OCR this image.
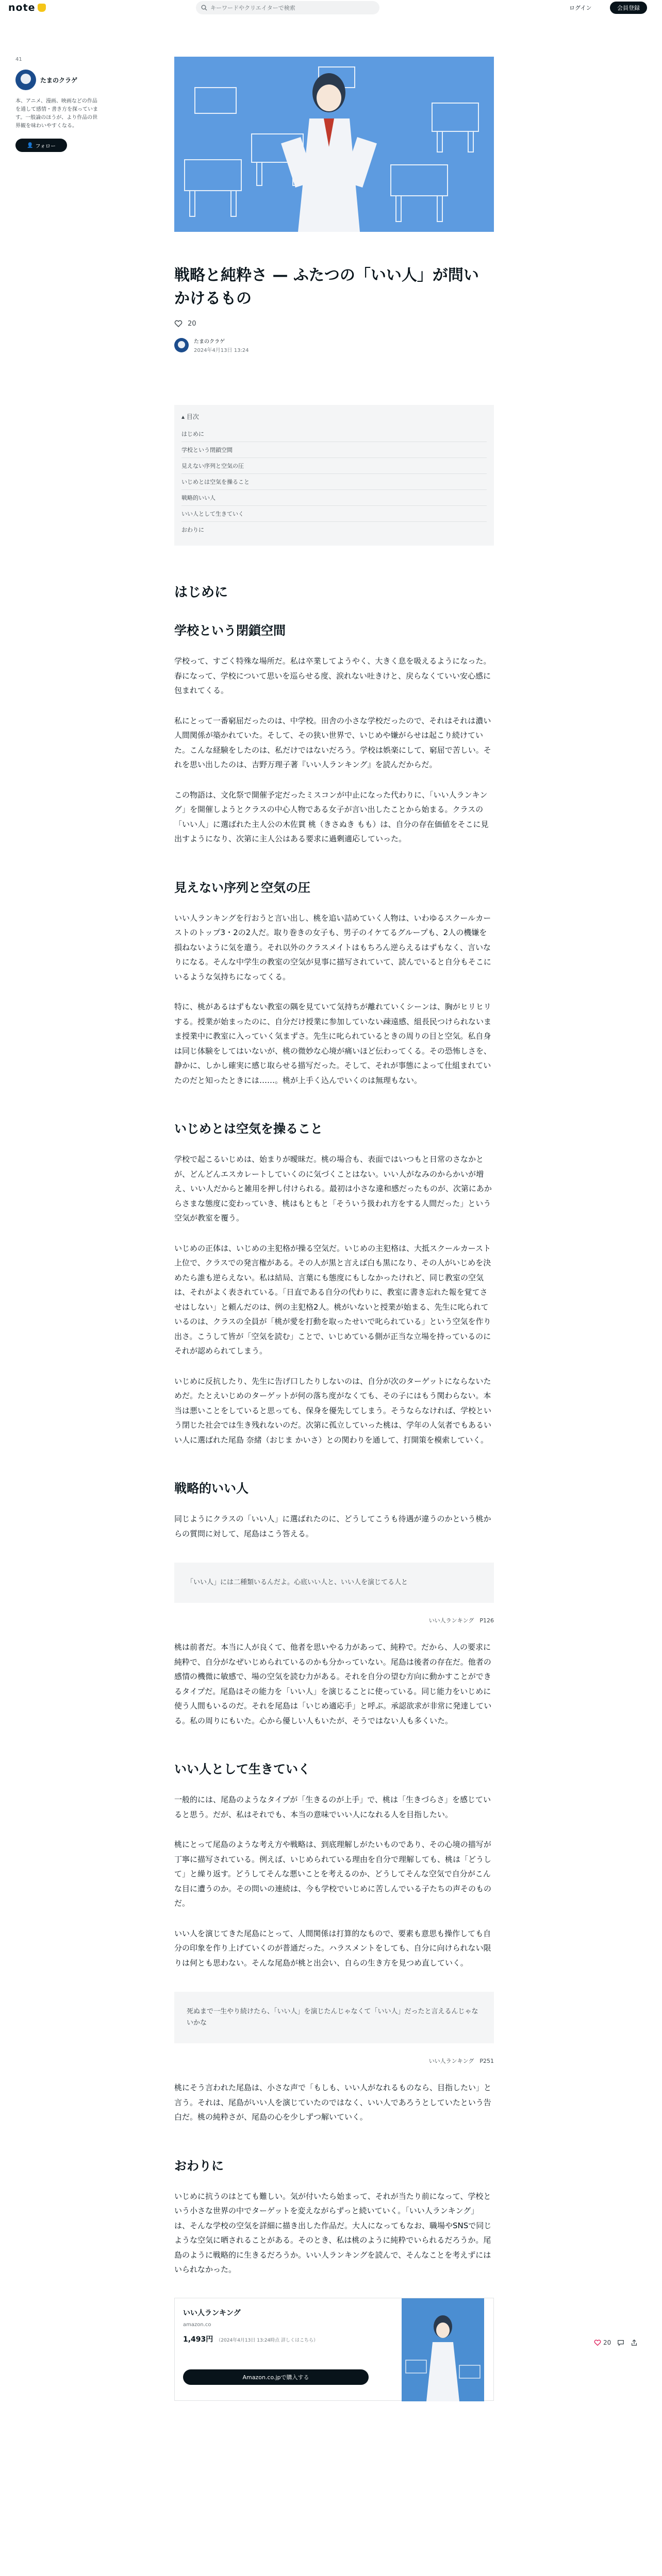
note	キーワードやクリエイターで検索	ログイン	会員登録
41
たまのクラゲ
本、アニメ、漫画、映画などの作品を通して感情・書き方を探っています。一般論のほうが、より作品の世界観を味わいやすくなる。
👤 フォロー
戦略と純粋さ — ふたつの「いい人」が問いかけるもの
20
たまのクラゲ
2024年4月13日 13:24
▴ 目次
はじめに
学校という閉鎖空間
見えない序列と空気の圧
いじめとは空気を操ること
戦略的いい人
いい人として生きていく
おわりに
はじめに
学校という閉鎖空間

学校って、すごく特殊な場所だ。私は卒業してようやく、大きく息を吸えるようになった。春になって、学校について思いを巡らせる度、涙れない吐きけと、戻らなくていい安心感に包まれてくる。

私にとって一番窮屈だったのは、中学校。田舎の小さな学校だったので、それはそれは濃い人間関係が築かれていた。そして、その狭い世界で、いじめや嫌がらせは起こり続けていた。こんな経験をしたのは、私だけではないだろう。学校は娯楽にして、窮屈で苦しい。それを思い出したのは、吉野万理子著『いい人ランキング』を読んだからだ。

この物語は、文化祭で開催予定だったミスコンが中止になった代わりに、「いい人ランキング」を開催しようとクラスの中心人物である女子が言い出したことから始まる。クラスの「いい人」に選ばれた主人公の木佐貫 桃（きさぬき もも）は、自分の存在価値をそこに見出すようになり、次第に主人公はある要求に過剰適応していった。

見えない序列と空気の圧

いい人ランキングを行おうと言い出し、桃を追い詰めていく人物は、いわゆるスクールカーストのトップ3・2の2人だ。取り巻きの女子も、男子のイケてるグループも、2人の機嫌を損ねないように気を遣う。それ以外のクラスメイトはもちろん逆らえるはずもなく、言いなりになる。そんな中学生の教室の空気が見事に描写されていて、読んでいると自分もそこにいるような気持ちになってくる。

特に、桃があるはずもない教室の隅を見ていて気持ちが離れていくシーンは、胸がヒリヒリする。授業が始まったのに、自分だけ授業に参加していない疎遠感、組長民つけられないまま授業中に教室に入っていく気まずさ。先生に叱られているときの周りの目と空気。私自身は同じ体験をしてはいないが、桃の微妙な心境が痛いほど伝わってくる。その恐怖しさを、静かに、しかし確実に感じ取らせる描写だった。そして、それが事態によって仕組まれていたのだと知ったときには……。桃が上手く込んでいくのは無理もない。

いじめとは空気を操ること

学校で起こるいじめは、始まりが曖昧だ。桃の場合も、表面ではいつもと日常のさなかとが、どんどんエスカレートしていくのに気づくことはない。いい人がなみのからかいが増え、いい人だからと雑用を押し付けられる。最初は小さな違和感だったものが、次第にあからさまな態度に変わっていき、桃はもともと「そういう扱われ方をする人間だった」という空気が教室を覆う。

いじめの正体は、いじめの主犯格が操る空気だ。いじめの主犯格は、大抵スクールカースト上位で、クラスでの発言権がある。その人が黒と言えば白も黒になり、その人がいじめを決めたら誰も逆らえない。私は結局、言葉にも態度にもしなかったけれど、同じ教室の空気は、それがよく表されている。「日直である自分の代わりに、教室に書き忘れた報を覚てさせはしない」と頼んだのは、例の主犯格2人。桃がいないと授業が始まる、先生に叱られているのは、クラスの全員が「桃が愛を打動を取ったせいで叱られている」という空気を作り出さ。こうして皆が「空気を読む」ことで、いじめている側が正当な立場を持っているのにそれが認められてしまう。

いじめに反抗したり、先生に告げ口したりしないのは、自分が次のターゲットにならないためだ。たとえいじめのターゲットが何の落ち度がなくても、その子にはもう関わらない。本当は悪いことをしていると思っても、保身を優先してしまう。そうならなければ、学校という閉じた社会では生き残れないのだ。次第に孤立していった桃は、学年の人気者でもあるいい人に選ばれた尾島 奈緒（おじま かいさ）との関わりを通して、打開策を模索していく。

戦略的いい人

同じようにクラスの「いい人」に選ばれたのに、どうしてこうも待遇が違うのかという桃からの質問に対して、尾島はこう答える。

「いい人」には二種類いるんだよ。心底いい人と、いい人を演じてる人と
いい人ランキング　P126

桃は前者だ。本当に人が良くて、他者を思いやる力があって、純粋で。だから、人の要求に純粋で、自分がなぜいじめられているのかも分かっていない。尾島は後者の存在だ。他者の感情の機微に敏感で、場の空気を読む力がある。それを自分の望む方向に動かすことができるタイプだ。尾島はその能力を「いい人」を演じることに使っている。同じ能力をいじめに使う人間もいるのだ。それを尾島は「いじめ適応手」と呼ぶ。承認欲求が非常に発達している。私の周りにもいた。心から優しい人もいたが、そうではない人も多くいた。

いい人として生きていく

一般的には、尾島のようなタイプが「生きるのが上手」で、桃は「生きづらさ」を感じていると思う。だが、私はそれでも、本当の意味でいい人になれる人を目指したい。

桃にとって尾島のような考え方や戦略は、到底理解しがたいものであり、その心境の描写が丁寧に描写されている。例えば、いじめられている理由を自分で理解しても、桃は「どうして」と繰り返す。どうしてそんな悪いことを考えるのか、どうしてそんな空気で自分がこんな目に遭うのか。その問いの連続は、今も学校でいじめに苦しんでいる子たちの声そのものだ。

いい人を演じてきた尾島にとって、人間関係は打算的なもので、要素も意思も操作しても自分の印象を作り上げていくのが普通だった。ハラスメントをしても、自分に向けられない限りは何とも思わない。そんな尾島が桃と出会い、自らの生き方を見つめ直していく。

死ぬまで一生やり続けたら、「いい人」を演じたんじゃなくて「いい人」だったと言えるんじゃないかな
いい人ランキング　P251

桃にそう言われた尾島は、小さな声で「もしも、いい人がなれるものなら、目指したい」と言う。それは、尾島がいい人を演じていたのではなく、いい人であろうとしていたという告白だ。桃の純粋さが、尾島の心を少しずつ解いていく。

おわりに

いじめに抗うのはとても難しい。気が付いたら始まって、それが当たり前になって、学校という小さな世界の中でターゲットを変えながらずっと続いていく。「いい人ランキング」は、そんな学校の空気を詳細に描き出した作品だ。大人になってもなお、職場やSNSで同じような空気に晒されることがある。そのとき、私は桃のように純粋でいられるだろうか。尾島のように戦略的に生きるだろうか。いい人ランキングを読んで、そんなことを考えずにはいられなかった。

いい人ランキング
amazon.co
1,493円 （2024年4月13日 13:24時点 詳しくはこちら）
Amazon.co.jpで購入する
20
